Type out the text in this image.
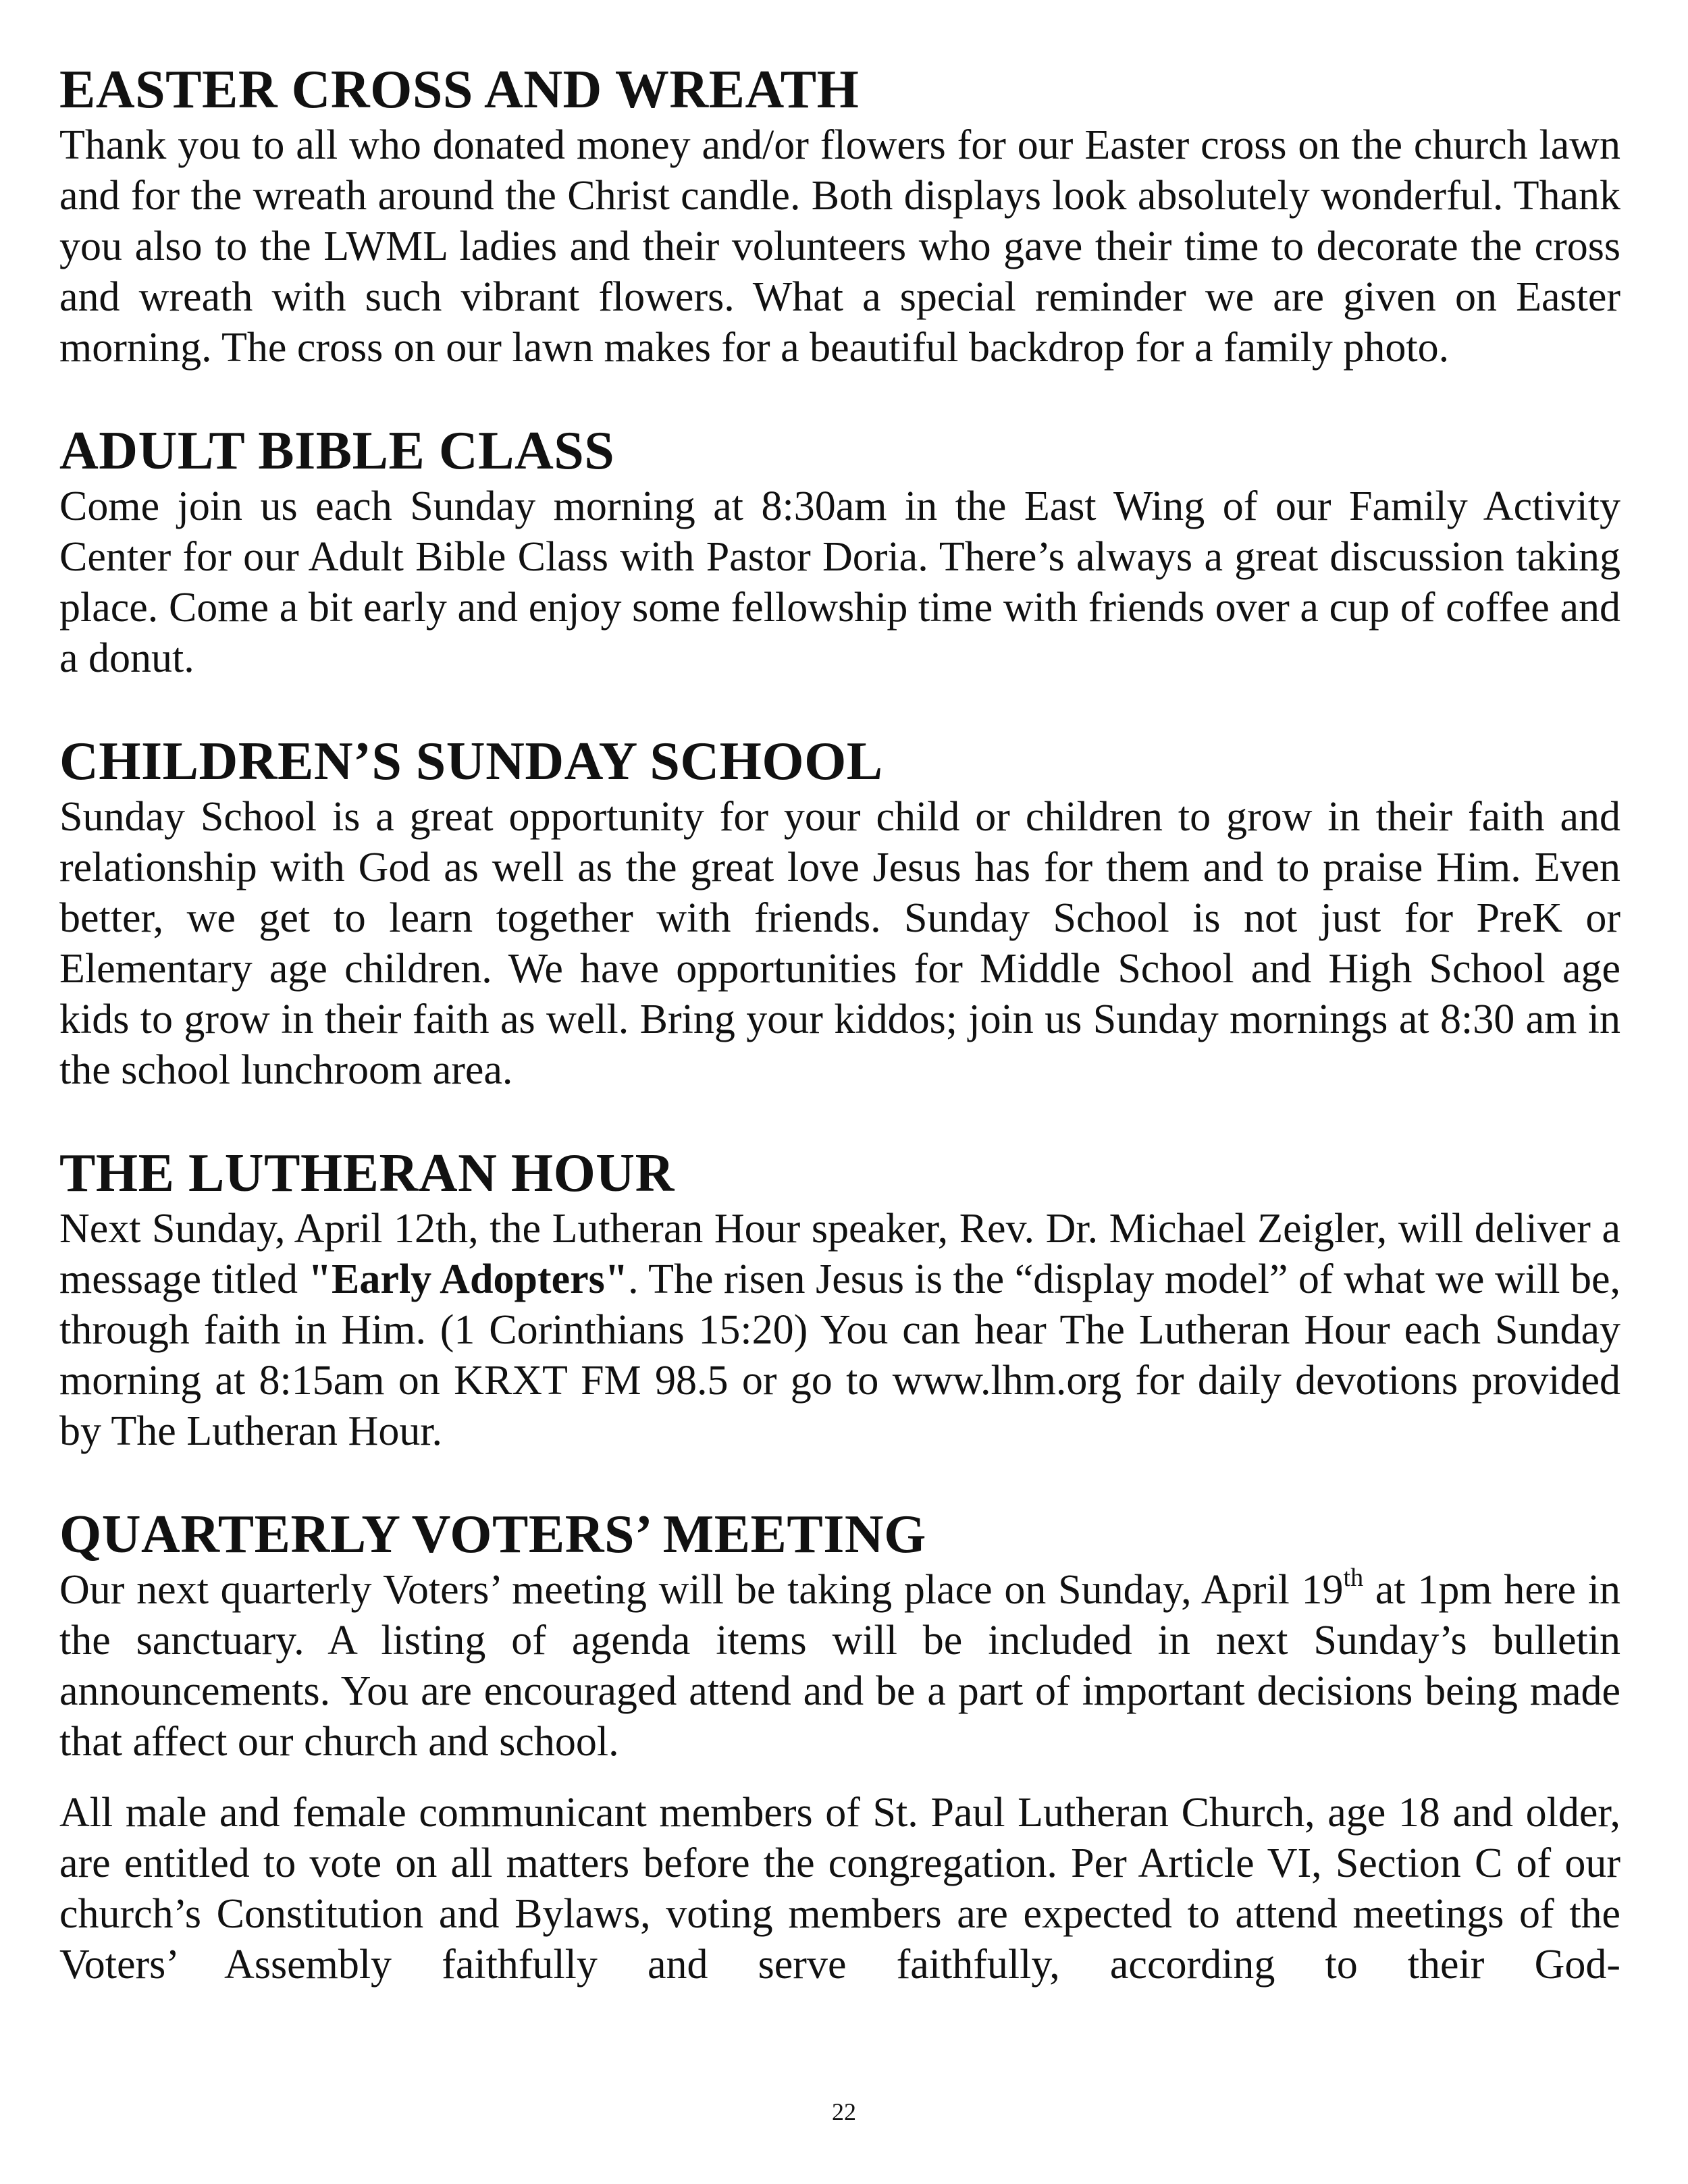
EASTER CROSS AND WREATH

Thank you to all who donated money and/or flowers for our Easter cross on the church lawn and for the wreath around the Christ candle. Both displays look absolutely wonderful. Thank you also to the LWML ladies and their volunteers who gave their time to decorate the cross and wreath with such vibrant flowers. What a special reminder we are given on Easter morning. The cross on our lawn makes for a beautiful backdrop for a family photo.

ADULT BIBLE CLASS

Come join us each Sunday morning at 8:30am in the East Wing of our Family Activity Center for our Adult Bible Class with Pastor Doria. There’s always a great discussion taking place. Come a bit early and enjoy some fellowship time with friends over a cup of coffee and a donut.

CHILDREN’S SUNDAY SCHOOL

Sunday School is a great opportunity for your child or children to grow in their faith and relationship with God as well as the great love Jesus has for them and to praise Him. Even better, we get to learn together with friends. Sunday School is not just for PreK or Elementary age children. We have opportunities for Middle School and High School age kids to grow in their faith as well. Bring your kiddos; join us Sunday mornings at 8:30 am in the school lunchroom area.

THE LUTHERAN HOUR

Next Sunday, April 12th, the Lutheran Hour speaker, Rev. Dr. Michael Zeigler, will deliver a message titled "Early Adopters". The risen Jesus is the “display model” of what we will be, through faith in Him. (1 Corinthians 15:20) You can hear The Lutheran Hour each Sunday morning at 8:15am on KRXT FM 98.5 or go to www.lhm.org for daily devotions provided by The Lutheran Hour.

QUARTERLY VOTERS’ MEETING

Our next quarterly Voters’ meeting will be taking place on Sunday, April 19th at 1pm here in the sanctuary. A listing of agenda items will be included in next Sunday’s bulletin announcements. You are encouraged attend and be a part of important decisions being made that affect our church and school.

All male and female communicant members of St. Paul Lutheran Church, age 18 and older, are entitled to vote on all matters before the congregation. Per Article VI, Section C of our church’s Constitution and Bylaws, voting members are expected to attend meetings of the Voters’ Assembly faithfully and serve faithfully, according to their God-

22
